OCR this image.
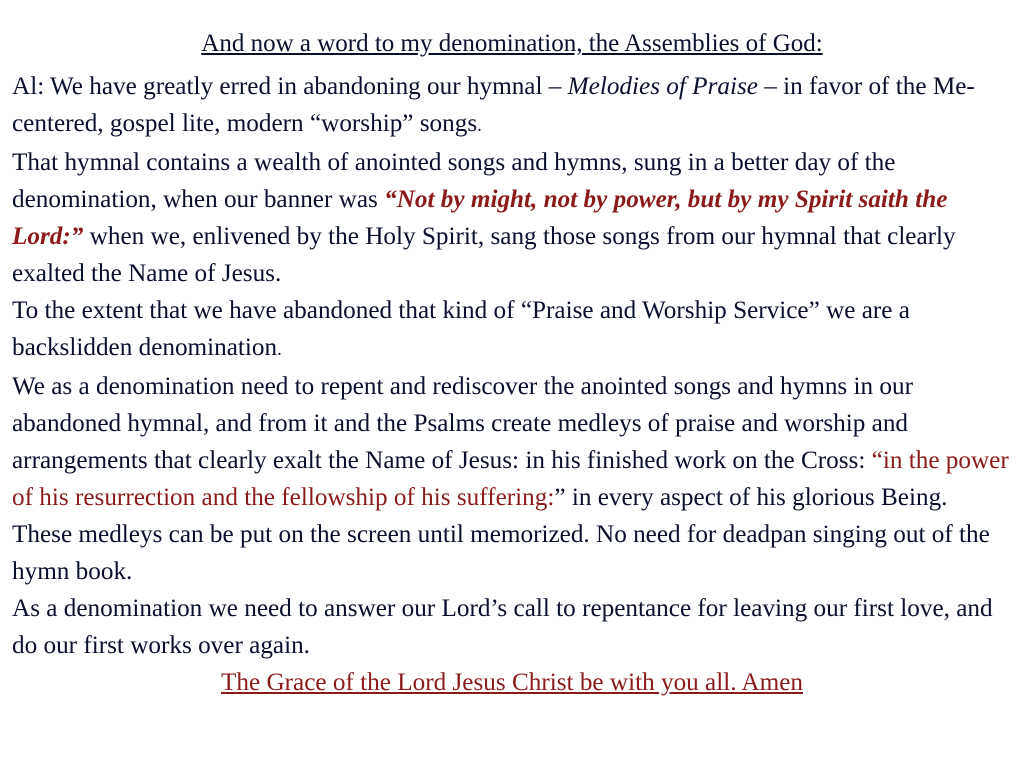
And now a word to my denomination, the Assemblies of God:

Al: We have greatly erred in abandoning our hymnal – Melodies of Praise – in favor of the Me-centered, gospel lite, modern “worship” songs.

That hymnal contains a wealth of anointed songs and hymns, sung in a better day of the denomination, when our banner was “Not by might, not by power, but by my Spirit saith the Lord:” when we, enlivened by the Holy Spirit, sang those songs from our hymnal that clearly exalted the Name of Jesus.

To the extent that we have abandoned that kind of “Praise and Worship Service” we are a backslidden denomination.

We as a denomination need to repent and rediscover the anointed songs and hymns in our abandoned hymnal, and from it and the Psalms create medleys of praise and worship and arrangements that clearly exalt the Name of Jesus: in his finished work on the Cross: “in the power of his resurrection and the fellowship of his suffering:” in every aspect of his glorious Being.

These medleys can be put on the screen until memorized. No need for deadpan singing out of the hymn book.

As a denomination we need to answer our Lord’s call to repentance for leaving our first love, and do our first works over again.

The Grace of the Lord Jesus Christ be with you all. Amen
